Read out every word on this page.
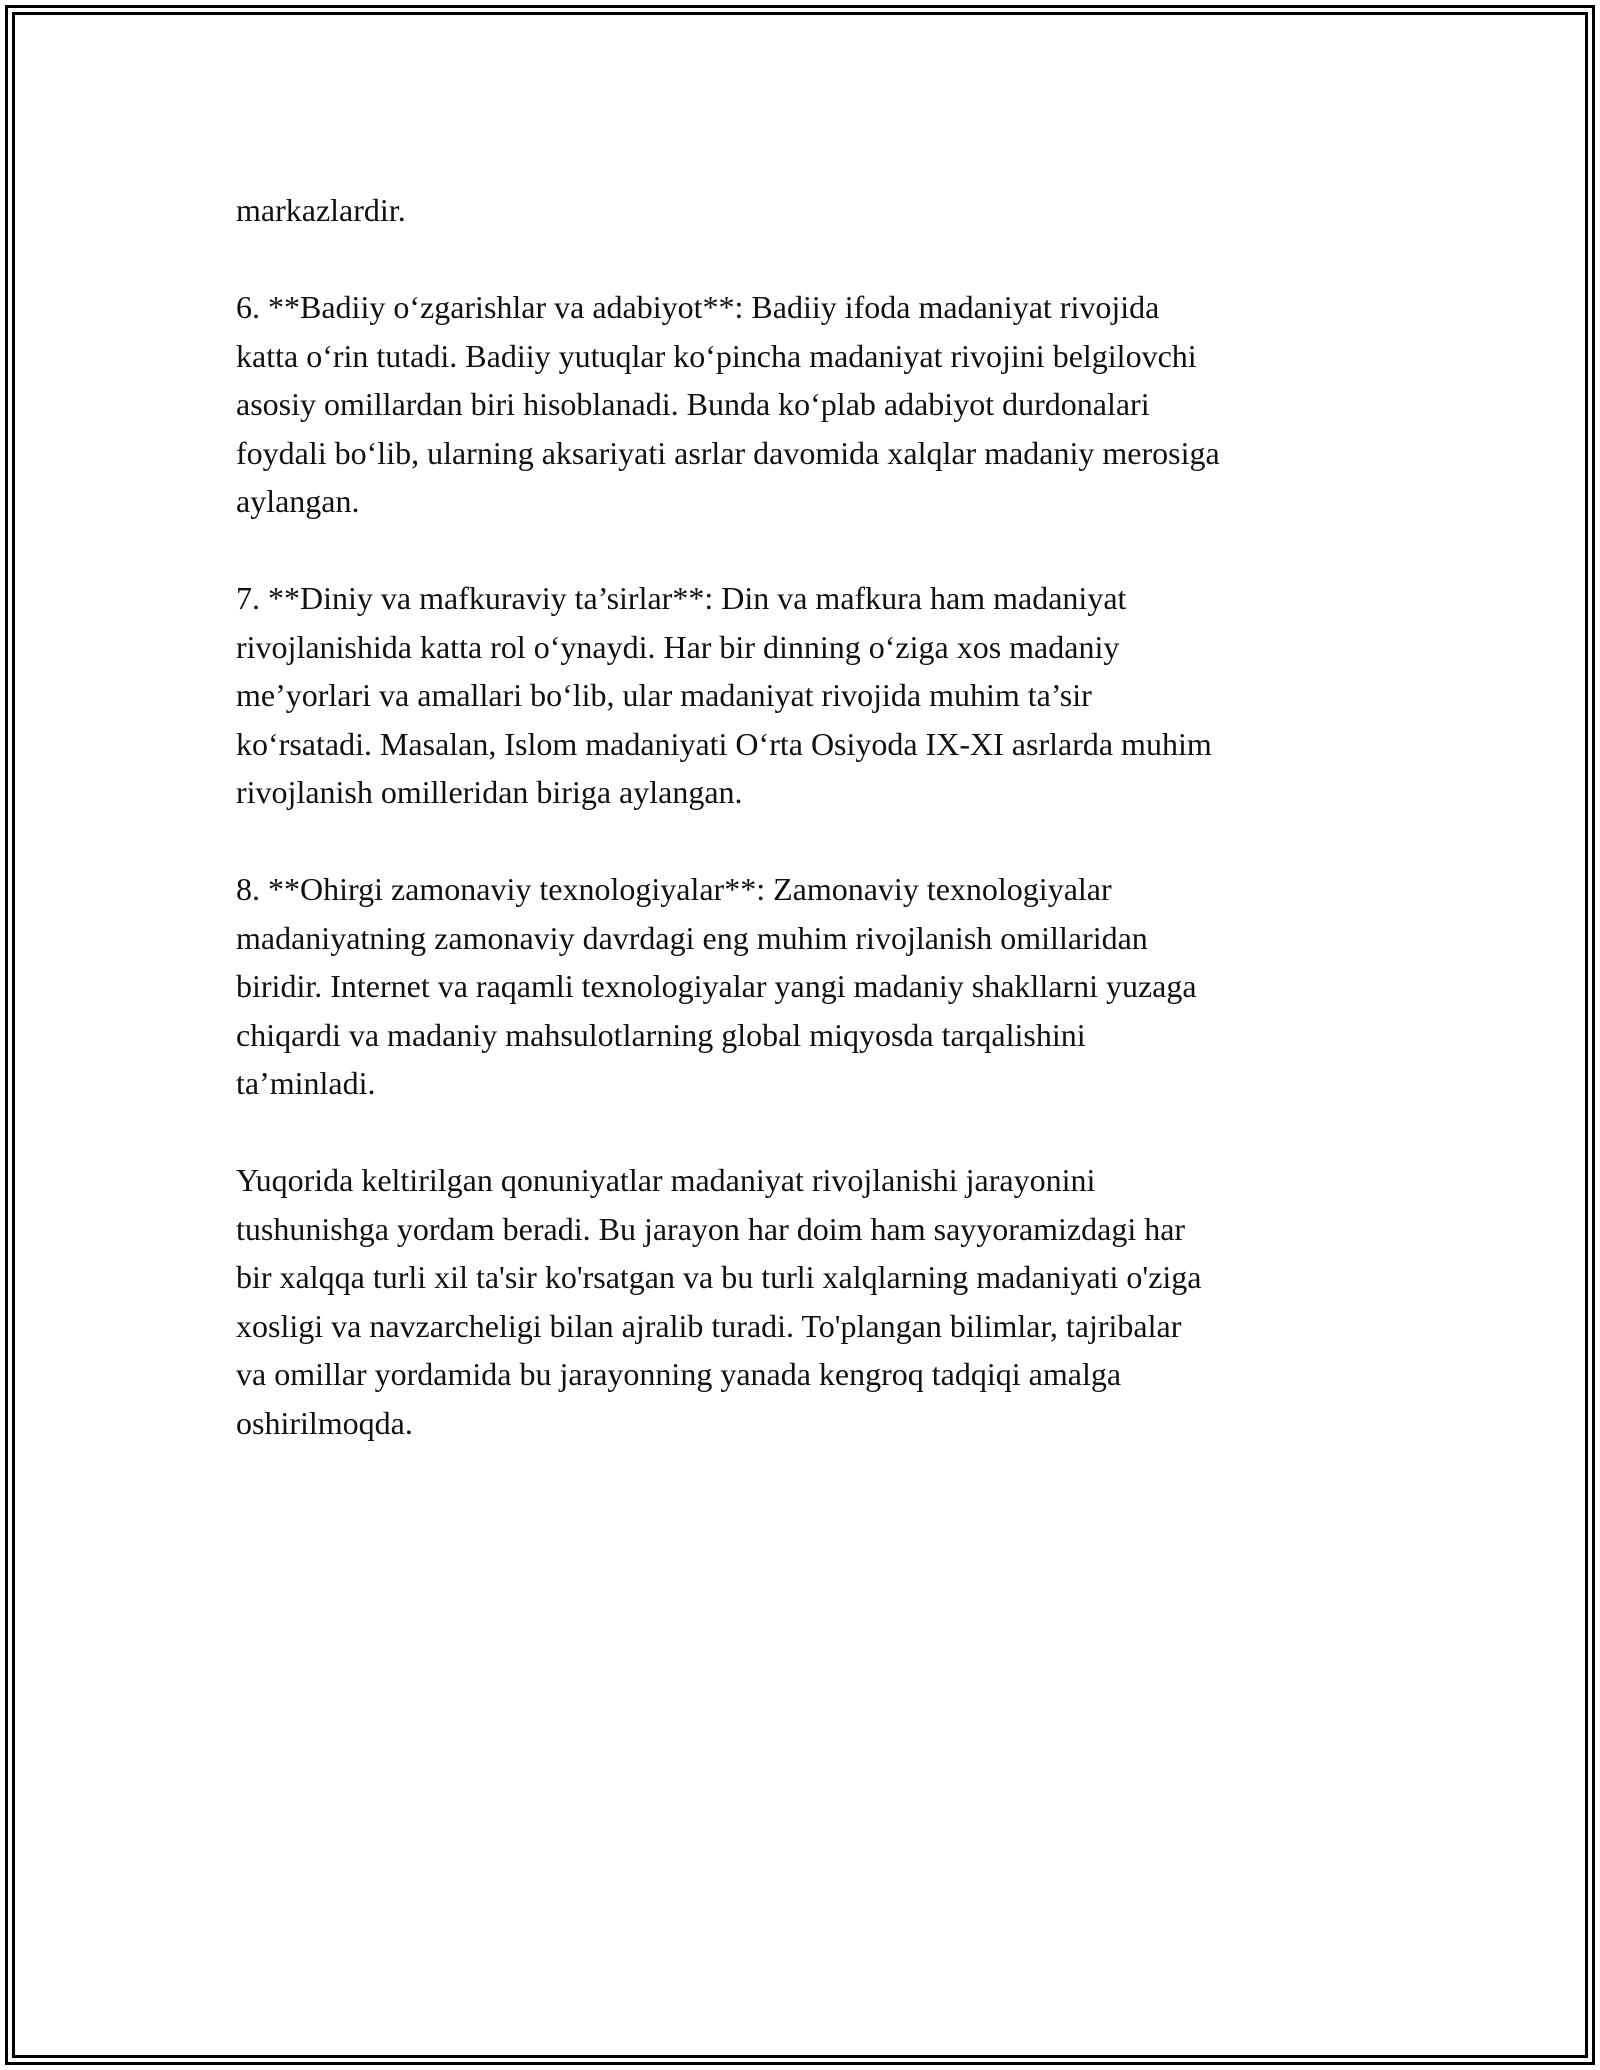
markazlardir.

6. **Badiiy o‘zgarishlar va adabiyot**: Badiiy ifoda madaniyat rivojida
katta o‘rin tutadi. Badiiy yutuqlar ko‘pincha madaniyat rivojini belgilovchi
asosiy omillardan biri hisoblanadi. Bunda ko‘plab adabiyot durdonalari
foydali bo‘lib, ularning aksariyati asrlar davomida xalqlar madaniy merosiga
aylangan.

7. **Diniy va mafkuraviy ta’sirlar**: Din va mafkura ham madaniyat
rivojlanishida katta rol o‘ynaydi. Har bir dinning o‘ziga xos madaniy
me’yorlari va amallari bo‘lib, ular madaniyat rivojida muhim ta’sir
ko‘rsatadi. Masalan, Islom madaniyati O‘rta Osiyoda IX-XI asrlarda muhim
rivojlanish omilleridan biriga aylangan.

8. **Ohirgi zamonaviy texnologiyalar**: Zamonaviy texnologiyalar
madaniyatning zamonaviy davrdagi eng muhim rivojlanish omillaridan
biridir. Internet va raqamli texnologiyalar yangi madaniy shakllarni yuzaga
chiqardi va madaniy mahsulotlarning global miqyosda tarqalishini
ta’minladi.

Yuqorida keltirilgan qonuniyatlar madaniyat rivojlanishi jarayonini
tushunishga yordam beradi. Bu jarayon har doim ham sayyoramizdagi har
bir xalqqa turli xil ta'sir ko'rsatgan va bu turli xalqlarning madaniyati o'ziga
xosligi va navzarcheligi bilan ajralib turadi. To'plangan bilimlar, tajribalar
va omillar yordamida bu jarayonning yanada kengroq tadqiqi amalga
oshirilmoqda.
